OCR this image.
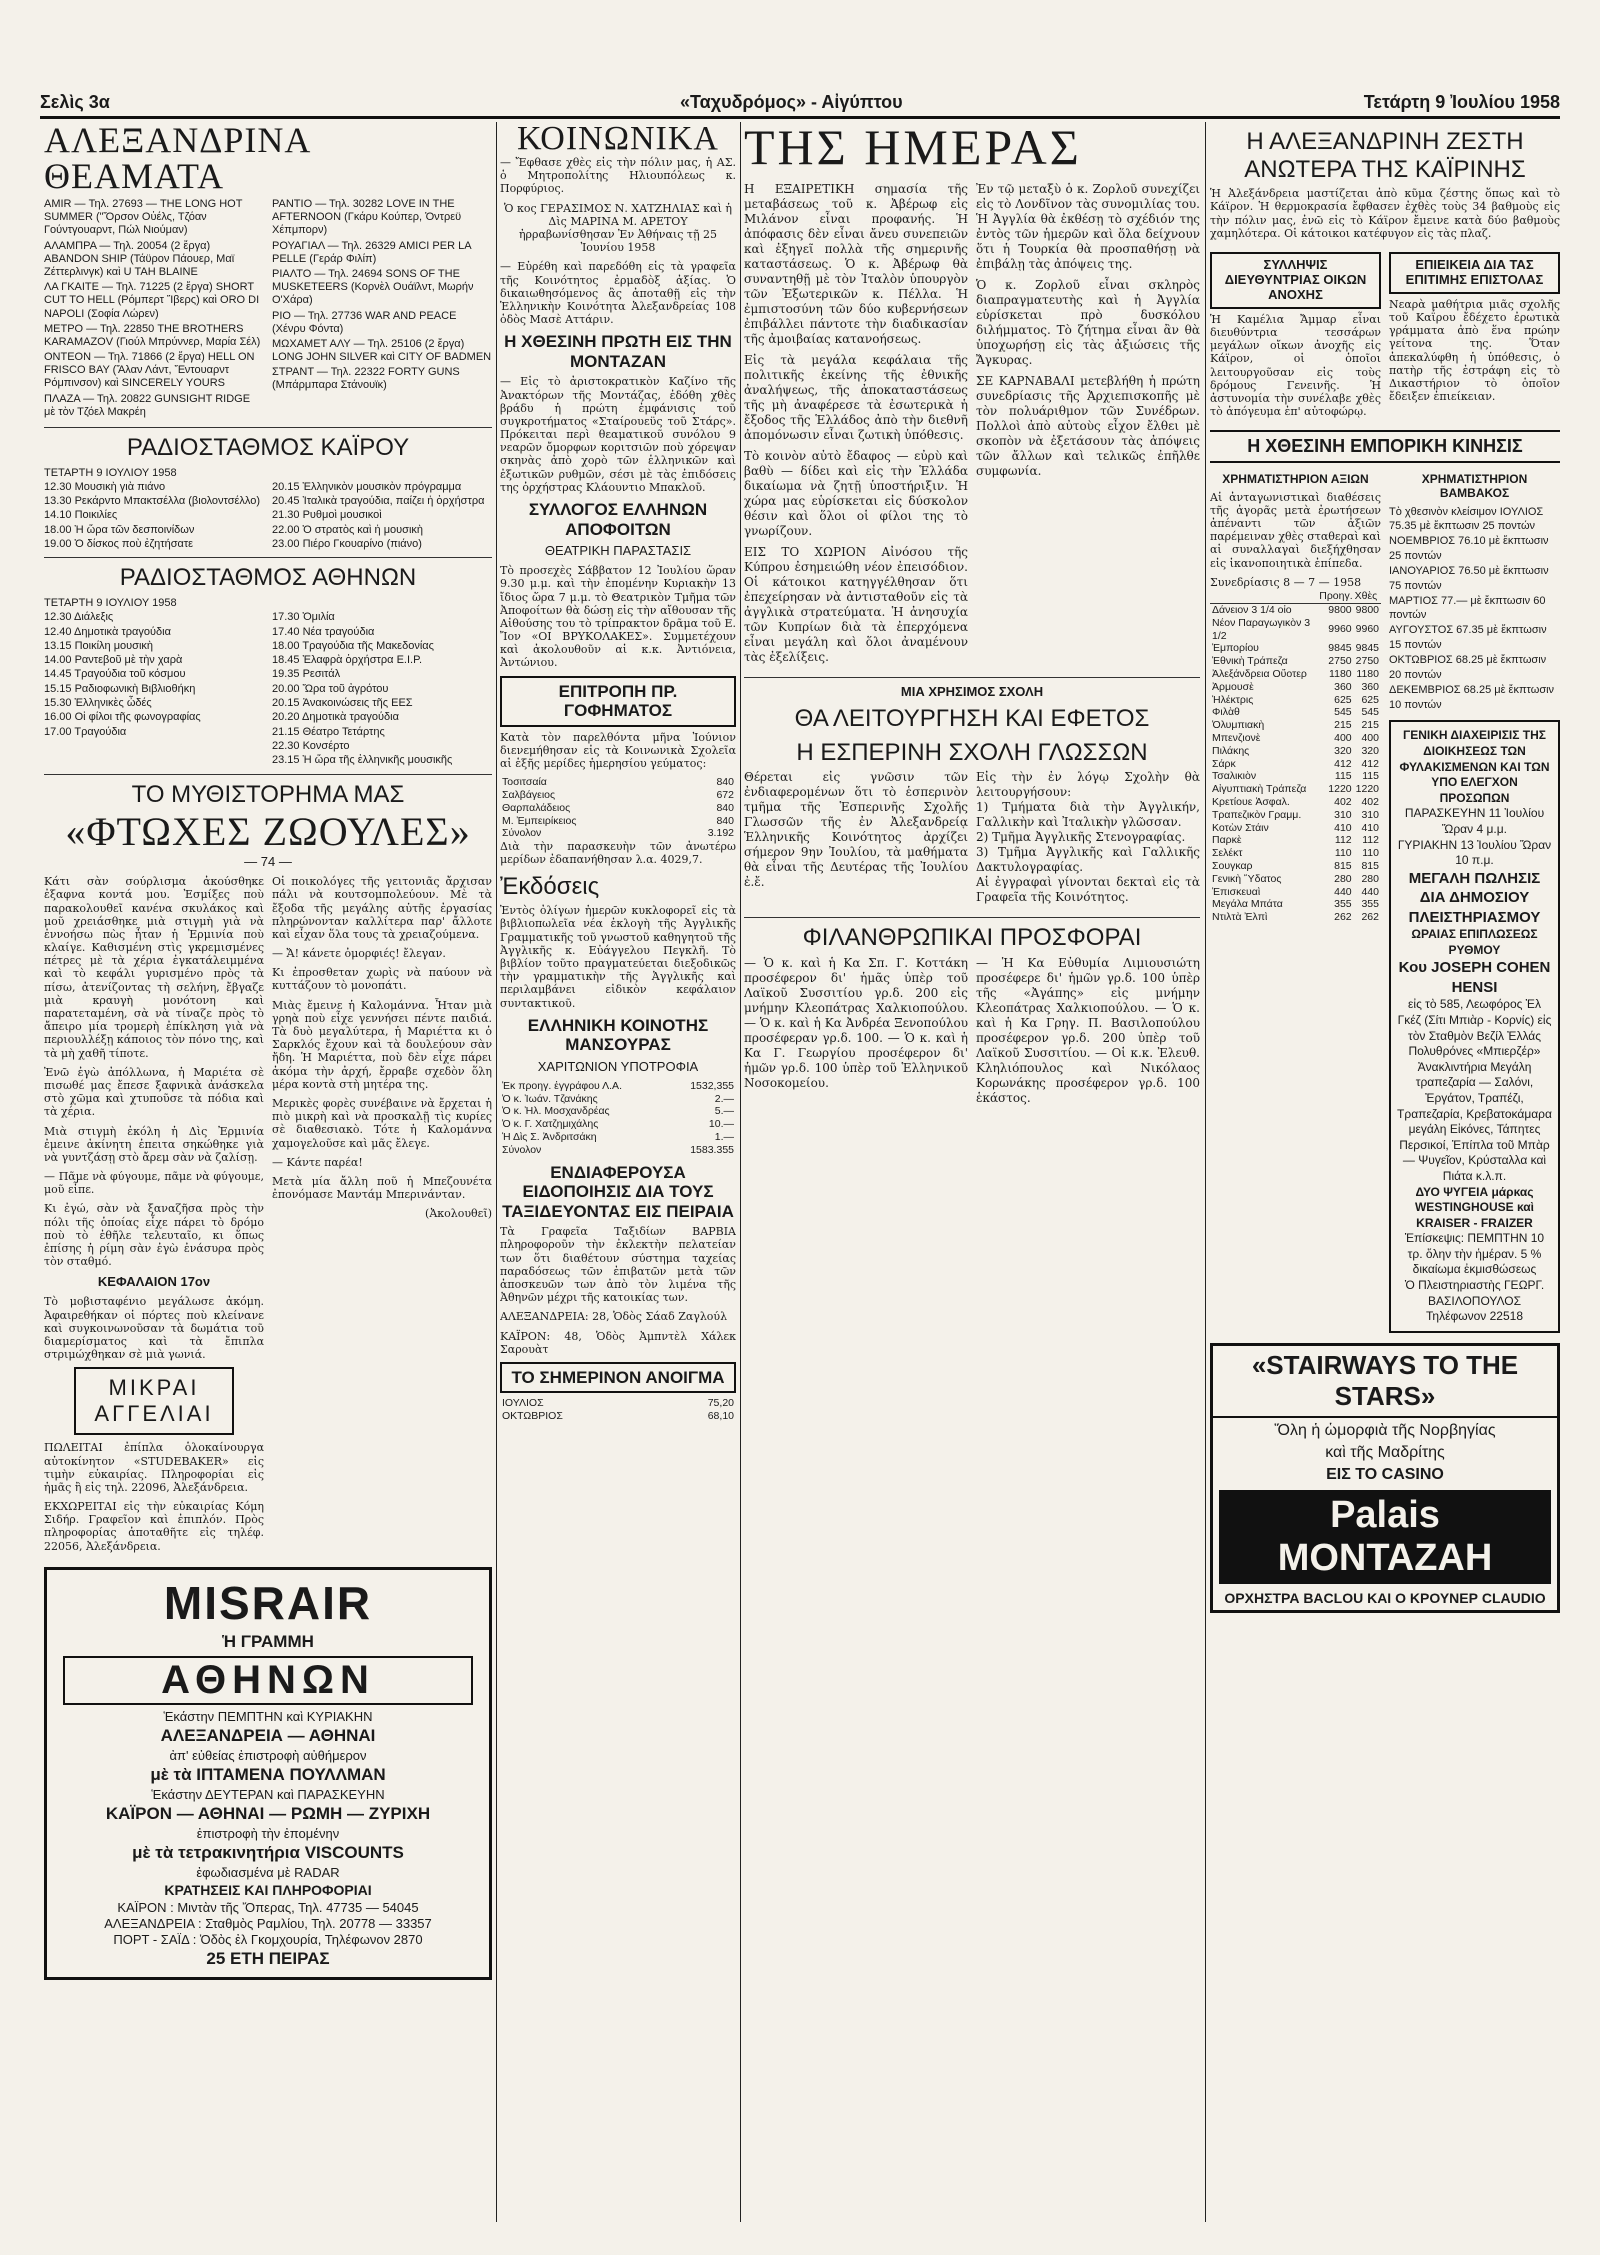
Σελὶς 3α	«Ταχυδρόμος» - Αἰγύπτου	Τετάρτη 9 Ἰουλίου 1958
ΑΛΕΞΑΝΔΡΙΝΑ ΘΕΑΜΑΤΑ

AMIR — Τηλ. 27693 — THE LONG HOT SUMMER ("Ὅρσον Οὐέλς, Τζόαν Γούντγουαρντ, Πώλ Νιούμαν)

ΑΛΑΜΠΡΑ — Τηλ. 20054 (2 ἔργα) ABANDON SHIP (Τάϋρον Πάουερ, Μαϊ Ζέττερλινγκ) καὶ U TAH BLAINE

ΛΑ ΓΚΑΙΤΕ — Τηλ. 71225 (2 ἔργα) SHORT CUT TO HELL (Ρόμπερτ Ἴβερς) καὶ ORO DI NAPOLI (Σοφία Λώρεν)

ΜΕΤΡΟ — Τηλ. 22850 THE BROTHERS KARAMAZOV (Γιούλ Μπρύννερ, Μαρία Σέλ)

ΟΝΤΕΟΝ — Τηλ. 71866 (2 ἔργα) HELL ON FRISCO BAY (Ἄλαν Λάντ, Ἔντουαρντ Ρόμπινσον) καὶ SINCERELY YOURS

ΠΛΑΖΑ — Τηλ. 20822 GUNSIGHT RIDGE μὲ τὸν Τζόελ Μακρέη

ΡΑΝΤΙΟ — Τηλ. 30282 LOVE IN THE AFTERNOON (Γκάρυ Κούπερ, Ὀντρεϋ Χέπμπορν)

ΡΟΥΑΓΙΑΛ — Τηλ. 26329 AMICI PER LA PELLE (Γεράρ Φιλίπ)

ΡΙΑΛΤΟ — Τηλ. 24694 SONS OF THE MUSKETEERS (Κορνὲλ Ουάϊλντ, Μωρήν Ο'Χάρα)

ΡΙΟ — Τηλ. 27736 WAR AND PEACE (Χένρυ Φόντα)

ΜΩΧΑΜΕΤ ΑΛΥ — Τηλ. 25106 (2 ἔργα) LONG JOHN SILVER καὶ CITY OF BADMEN

ΣΤΡΑΝΤ — Τηλ. 22322 FORTY GUNS (Μπάρμπαρα Στάνουϊκ)

ΡΑΔΙΟΣΤΑΘΜΟΣ ΚΑΪΡΟΥ
ΤΕΤΑΡΤΗ 9 ΙΟΥΛΙΟΥ 1958
12.30 Μουσικὴ γιὰ πιάνο
13.30 Ρεκάρντο Μπακτσέλλα (βιολοντσέλλο)
14.10 Ποικιλίες
18.00 Ἡ ὥρα τῶν δεσποινίδων
19.00 Ὁ δίσκος ποὺ ἐζητήσατε
20.15 Ἑλληνικὸν μουσικὸν πρόγραμμα
20.45 Ἰταλικὰ τραγούδια, παίζει ἡ ὀρχήστρα
21.30 Ρυθμοὶ μουσικοὶ
22.00 Ὁ στρατὸς καὶ ἡ μουσικὴ
23.00 Πιέρο Γκουαρίνο (πιάνο)
ΡΑΔΙΟΣΤΑΘΜΟΣ ΑΘΗΝΩΝ
ΤΕΤΑΡΤΗ 9 ΙΟΥΛΙΟΥ 1958
12.30 Διάλεξις
12.40 Δημοτικὰ τραγούδια
13.15 Ποικίλη μουσικὴ
14.00 Ραντεβοῦ μὲ τὴν χαρὰ
14.45 Τραγούδια τοῦ κόσμου
15.15 Ραδιοφωνικὴ Βιβλιοθήκη
15.30 Ἑλληνικὲς ὦδές
16.00 Οἱ φίλοι τῆς φωνογραφίας
17.00 Τραγούδια
17.30 Ὁμιλία
17.40 Νέα τραγούδια
18.00 Τραγούδια τῆς Μακεδονίας
18.45 Ἐλαφρὰ ὀρχήστρα Ε.Ι.Ρ.
19.35 Ρεσιτάλ
20.00 Ὥρα τοῦ ἀγρότου
20.15 Ἀνακοινώσεις τῆς ΕΕΣ
20.20 Δημοτικὰ τραγούδια
21.15 Θέατρο Τετάρτης
22.30 Κονσέρτο
23.15 Ἡ ὥρα τῆς ἑλληνικῆς μουσικῆς
ΤΟ ΜΥΘΙΣΤΟΡΗΜΑ ΜΑΣ
«ΦΤΩΧΕΣ ΖΩΟΥΛΕΣ»
— 74 —

Κάτι σὰν σούρλισμα ἀκούσθηκε ἐξαφνα κοντά μου. Ἐσμίξες ποὺ παρακολουθεῖ κανένα σκυλάκος καὶ μοῦ χρειάσθηκε μιὰ στιγμὴ γιὰ νὰ ἐννοήσω πὼς ἦταν ἡ Ἐρμινία ποὺ κλαίγε. Καθισμένη στὶς γκρεμισμένες πέτρες μὲ τὰ χέρια ἐγκατάλειμμένα καὶ τὸ κεφάλι γυρισμένο πρὸς τὰ πίσω, ἀτενίζοντας τὴ σελήνη, ἔβγαζε μιὰ κραυγὴ μονότονη καὶ παρατεταμένη, σὰ νὰ τίναζε πρὸς τὸ ἄπειρο μία τρομερὴ ἐπίκληση γιὰ νὰ περιουλλέξῃ κάποιος τὸν πόνο της, καὶ τὰ μὴ χαθῆ τίποτε.

Ἐνῶ ἐγὼ ἀπόλλωνα, ἡ Μαριέτα σὲ πισωθέ μας ἔπεσε ξαφνικὰ ἀνάσκελα στὸ χῶμα καὶ χτυποῦσε τὰ πόδια καὶ τὰ χέρια.

Μιὰ στιγμὴ ἐκόλη ἡ Δὶς Ἐρμινία ἐμεινε ἀκίνητη ἐπειτα σηκώθηκε γιὰ νὰ γυντζάσῃ στὸ ἄρεμ σὰν νὰ ζαλίσῃ.

— Πᾶμε νὰ φύγουμε, πᾶμε νὰ φύγουμε, μοῦ εἶπε.

Κι ἐγώ, σὰν νὰ ξαναζῆσα πρὸς τὴν πόλι τῆς ὁποίας εἶχε πάρει τὸ δρόμο ποὺ τὸ ἐθῆλε τελευταῖο, κι ὅπως ἐπίσης ἡ ρίμη σὰν ἐγὼ ἐνάσυρα πρὸς τὸν σταθμό.

ΚΕΦΑΛΑΙΟΝ 17ον

Τὸ μοβισταφένιο μεγάλωσε ἀκόμη. Ἀφαιρεθήκαν οἱ πόρτες ποὺ κλείνανε καὶ συγκοινωνοῦσαν τὰ δωμάτια τοῦ διαμερίσματος καὶ τὰ ἔπιπλα στριμώχθηκαν σὲ μιὰ γωνιά.

ΜΙΚΡΑΙ
ΑΓΓΕΛΙΑΙ

ΠΩΛΕΙΤΑΙ ἐπίπλα ὁλοκαίνουργα αὐτοκίνητον «STUDEBAKER» εἰς τιμὴν εὐκαιρίας. Πληροφορίαι εἰς ἡμᾶς ἢ εἰς τηλ. 22096, Ἀλεξάνδρεια.

ΕΚΧΩΡΕΙΤΑΙ εἰς τὴν εὐκαιρίας Κόμη Σιδήρ. Γραφεῖον καὶ ἐπιπλόν. Πρὸς πληροφορίας ἀποταθῆτε εἰς τηλέφ. 22056, Ἀλεξάνδρεια.

Οἱ ποικολόγες τῆς γειτονιᾶς ἄρχισαν πάλι νὰ κουτσομπολεύουν. Μὲ τὰ ἔξοδα τῆς μεγάλης αὐτῆς ἐργασίας πληρώνονταν καλλίτερα παρ' ἄλλοτε καὶ εἶχαν ὅλα τους τὰ χρειαζούμενα.

— Ἄ! κάνετε ὀμορφιές! ἔλεγαν.

Κι ἐπροσθεταν χωρὶς νὰ παύουν νὰ κυττάζουν τὸ μονοπάτι.

Μιὰς ἔμεινε ἡ Καλομάννα. Ἦταν μιὰ γρηὰ ποὺ εἶχε γεννήσει πέντε παιδιά. Τὰ δυὸ μεγαλύτερα, ἡ Μαριέττα κι ὁ Σαρκλός ἔχουν καὶ τὰ δουλεύουν σὰν ἤδη. Ἡ Μαριέττα, ποὺ δὲν εἶχε πάρει ἀκόμα τὴν ἀρχή, ἔρραβε σχεδὸν ὅλη μέρα κοντὰ στὴ μητέρα της.

Μερικὲς φορὲς συνέβαινε νὰ ἔρχεται ἡ πιὸ μικρὴ καὶ νὰ προσκαλῇ τὶς κυρίες σὲ διαθεσιακὸ. Τότε ἡ Καλομάννα χαμογελοῦσε καὶ μᾶς ἔλεγε.

— Κάντε παρέα!

Μετὰ μία ἄλλη ποῦ ἡ Μπεζουνέτα ἐπονόμασε Μαντάμ Μπερινάνταν.

(Ἀκολουθεῖ)

MISRAIR
Ἡ ΓΡΑΜΜΗ
ΑΘΗΝΩΝ
Ἑκάστην ΠΕΜΠΤΗΝ καὶ ΚΥΡΙΑΚΗΝ
ΑΛΕΞΑΝΔΡΕΙΑ — ΑΘΗΝΑΙ
ἀπ' εὐθείας ἐπιστροφὴ αὐθήμερον
μὲ τὰ ΙΠΤΑΜΕΝΑ ΠΟΥΛΛΜΑΝ
Ἑκάστην ΔΕΥΤΕΡΑΝ καὶ ΠΑΡΑΣΚΕΥΗΝ
ΚΑΪΡΟΝ — ΑΘΗΝΑΙ — ΡΩΜΗ — ΖΥΡΙΧΗ
ἐπιστροφὴ τὴν ἐπομένην
μὲ τὰ τετρακινητήρια VISCOUNTS
ἐφωδιασμένα μὲ RADAR
ΚΡΑΤΗΣΕΙΣ ΚΑΙ ΠΛΗΡΟΦΟΡΙΑΙ
ΚΑΪΡΟΝ : Μιντὰν τῆς Ὄπερας, Τηλ. 47735 — 54045
ΑΛΕΞΑΝΔΡΕΙΑ : Σταθμὸς Ραμλίου, Τηλ. 20778 — 33357
ΠΟΡΤ - ΣΑΪΔ : Ὁδὸς ἐλ Γκομχουρία, Τηλέφωνον 2870
25 ΕΤΗ ΠΕΙΡΑΣ
ΚΟΙΝΩΝΙΚΑ

— Ἔφθασε χθὲς εἰς τὴν πόλιν μας, ἡ ΑΣ. ὁ Μητροπολίτης Ηλιουπόλεως κ. Πορφύριος.

Ὁ κος ΓΕΡΑΣΙΜΟΣ Ν. ΧΑΤΖΗΛΙΑΣ καὶ ἡ Δὶς ΜΑΡΙΝΑ Μ. ΑΡΕΤΟΥ ἠρραβωνίσθησαν Ἐν Ἀθήναις τῇ 25 Ἰουνίου 1958

— Εὑρέθη καὶ παρεδόθη εἰς τὰ γραφεῖα τῆς Κοινότητος ἐρμαδὸξ ἀξίας. Ὁ δικαιωθησόμενος ἂς ἀποταθῇ εἰς τὴν Ἑλληνικὴν Κοινότητα Ἀλεξανδρείας 108 ὁδὸς Μασὲ Αττάριν.

Η ΧΘΕΣΙΝΗ ΠΡΩΤΗ ΕΙΣ ΤΗΝ ΜΟΝΤΑΖΑΝ

— Εἰς τὸ ἀριστοκρατικὸν Καζίνο τῆς Ἀνακτόρων τῆς Μοντάζας, ἐδόθη χθὲς βράδυ ἡ πρώτη ἐμφάνισις τοῦ συγκροτήματος «Σταίρουεϋς τοῦ Στάρς». Πρόκειται περὶ θεαματικοῦ συνόλου 9 νεαρῶν ὄμορφων κοριτσιῶν ποὺ χόρεψαν σκηνὰς ἀπὸ χορὸ τῶν ἑλληνικῶν καὶ ἐξωτικῶν ρυθμῶν, σέσι μὲ τὰς ἐπιδόσεις της ὀρχήστρας Κλάουντιο Μπακλοῦ.

ΣΥΛΛΟΓΟΣ ΕΛΛΗΝΩΝ ΑΠΟΦΟΙΤΩΝ
ΘΕΑΤΡΙΚΗ ΠΑΡΑΣΤΑΣΙΣ

Τὸ προσεχὲς Σάββατον 12 Ἰουλίου ὥραν 9.30 μ.μ. καὶ τὴν ἐπομένην Κυριακὴν 13 ἴδιος ὥρα 7 μ.μ. τὸ Θεατρικὸν Τμῆμα τῶν Ἀποφοίτων θὰ δώσῃ εἰς τὴν αἴθουσαν τῆς Αἰθούσης του τὸ τρίπρακτον δρᾶμα τοῦ Ε. Ἴον «ΟΙ ΒΡΥΚΟΛΑΚΕΣ». Συμμετέχουν καὶ ἀκολουθοῦν αἱ κ.κ. Ἀντιόνεια, Ἀντώνιου.

ΕΠΙΤΡΟΠΗ ΠΡ. ΓΟΦΗΜΑΤΟΣ

Κατὰ τὸν παρελθόντα μῆνα Ἰούνιον διενεμήθησαν εἰς τὰ Κοινωνικὰ Σχολεῖα αἱ ἑξῆς μερίδες ἡμερησίου γεύματος:

Τοσιτσαία	840
Σαλβάγειος	672
Θαρπαλάδειος	840
Μ. Ἐμπειρίκειος	840
Σύνολον	3.192

Διὰ τὴν παρασκευὴν τῶν ἀνωτέρω μερίδων ἐδαπανήθησαν λ.α. 4029,7.

Ἐκδόσεις

Ἐντὸς ὀλίγων ἡμερῶν κυκλοφορεῖ εἰς τὰ βιβλιοπωλεῖα νέα ἐκλογὴ τῆς Ἀγγλικῆς Γραμματικῆς τοῦ γνωστοῦ καθηγητοῦ τῆς Ἀγγλικῆς κ. Εὐάγγελου Πεγκλῆ. Τὸ βιβλίον τοῦτο πραγματεύεται διεξοδικῶς τὴν γραμματικὴν τῆς Ἀγγλικῆς καὶ περιλαμβάνει εἰδικὸν κεφάλαιον συντακτικοῦ.

ΕΛΛΗΝΙΚΗ ΚΟΙΝΟΤΗΣ ΜΑΝΣΟΥΡΑΣ
ΧΑΡΙΤΩΝΙΟΝ ΥΠΟΤΡΟΦΙΑ
Ἐκ προηγ. ἐγγράφου Λ.Α.	1532,355
Ὁ κ. Ἰωάν. Τζανάκης	2.—
Ὁ κ. Ἠλ. Μοσχανδρέας	5.—
Ὁ κ. Γ. Χατζημιχάλης	10.—
Ἡ Δὶς Σ. Ἀνδριτσάκη	1.—
Σύνολον	1583.355
ΕΝΔΙΑΦΕΡΟΥΣΑ ΕΙΔΟΠΟΙΗΣΙΣ ΔΙΑ ΤΟΥΣ ΤΑΞΙΔΕΥΟΝΤΑΣ ΕΙΣ ΠΕΙΡΑΙΑ

Τὰ Γραφεῖα Ταξιδίων ΒΑΡΒΙΑ πληροφοροῦν τὴν ἐκλεκτὴν πελατείαν των ὅτι διαθέτουν σύστημα ταχείας παραδόσεως τῶν ἐπιβατῶν μετὰ τῶν ἀποσκευῶν των ἀπὸ τὸν λιμένα τῆς Ἀθηνῶν μέχρι τῆς κατοικίας των.

ΑΛΕΞΑΝΔΡΕΙΑ: 28, Ὁδὸς Σάαδ Ζαγλούλ

ΚΑΪΡΟΝ: 48, Ὁδὸς Ἀμπντὲλ Χάλεκ Σαρουὰτ

ΤΟ ΣΗΜΕΡΙΝΟΝ ΑΝΟΙΓΜΑ
ΙΟΥΛΙΟΣ	75,20
ΟΚΤΩΒΡΙΟΣ	68,10
ΤΗΣ ΗΜΕΡΑΣ

Η ΕΞΑΙΡΕΤΙΚΗ σημασία τῆς μεταβάσεως τοῦ κ. Ἀβέρωφ εἰς Μιλάνον εἶναι προφανής. Ἡ ἀπόφασις δὲν εἶναι ἄνευ συνεπειῶν καὶ ἐξηγεῖ πολλὰ τῆς σημερινῆς καταστάσεως. Ὁ κ. Ἀβέρωφ θὰ συναντηθῇ μὲ τὸν Ἰταλὸν ὑπουργὸν τῶν Ἐξωτερικῶν κ. Πέλλα. Ἡ ἐμπιστοσύνη τῶν δύο κυβερνήσεων ἐπιβάλλει πάντοτε τὴν διαδικασίαν τῆς ἀμοιβαίας κατανοήσεως.

Εἰς τὰ μεγάλα κεφάλαια τῆς πολιτικῆς ἐκείνης τῆς ἐθνικῆς ἀναλήψεως, τῆς ἀποκαταστάσεως τῆς μὴ ἀναφέρεσε τὰ ἐσωτερικὰ ἡ ἔξοδος τῆς Ἑλλάδος ἀπὸ τὴν διεθνῆ ἀπομόνωσιν εἶναι ζωτικὴ ὑπόθεσις.

Τὸ κοινὸν αὐτὸ ἔδαφος — εὐρὺ καὶ βαθὺ — δίδει καὶ εἰς τὴν Ἑλλάδα δικαίωμα νὰ ζητῇ ὑποστήριξιν. Ἡ χώρα μας εὑρίσκεται εἰς δύσκολον θέσιν καὶ ὅλοι οἱ φίλοι της τὸ γνωρίζουν.

ΕΙΣ ΤΟ ΧΩΡΙΟΝ Αἰνόσου τῆς Κύπρου ἐσημειώθη νέον ἐπεισόδιον. Οἱ κάτοικοι κατηγγέλθησαν ὅτι ἐπεχείρησαν νὰ ἀντισταθοῦν εἰς τὰ ἀγγλικὰ στρατεύματα. Ἡ ἀνησυχία τῶν Κυπρίων διὰ τὰ ἐπερχόμενα εἶναι μεγάλη καὶ ὅλοι ἀναμένουν τὰς ἐξελίξεις.

Ἐν τῷ μεταξὺ ὁ κ. Ζορλοῦ συνεχίζει εἰς τὸ Λονδῖνον τὰς συνομιλίας του. Ἡ Ἀγγλία θὰ ἐκθέσῃ τὸ σχέδιόν της ἐντὸς τῶν ἡμερῶν καὶ ὅλα δείχνουν ὅτι ἡ Τουρκία θὰ προσπαθήσῃ νὰ ἐπιβάλῃ τὰς ἀπόψεις της.

Ὁ κ. Ζορλοῦ εἶναι σκληρὸς διαπραγματευτὴς καὶ ἡ Ἀγγλία εὑρίσκεται πρὸ δυσκόλου διλήμματος. Τὸ ζήτημα εἶναι ἂν θὰ ὑποχωρήσῃ εἰς τὰς ἀξιώσεις τῆς Ἄγκυρας.

ΣΕ ΚΑΡΝΑΒΑΛΙ μετεβλήθη ἡ πρώτη συνεδρίασις τῆς Ἀρχιεπισκοπῆς μὲ τὸν πολυάριθμον τῶν Συνέδρων. Πολλοὶ ἀπὸ αὐτοὺς εἶχον ἔλθει μὲ σκοπὸν νὰ ἐξετάσουν τὰς ἀπόψεις τῶν ἄλλων καὶ τελικῶς ἐπῆλθε συμφωνία.

ΜΙΑ ΧΡΗΣΙΜΟΣ ΣΧΟΛΗ
ΘΑ ΛΕΙΤΟΥΡΓΗΣΗ ΚΑΙ ΕΦΕΤΟΣ
Η ΕΣΠΕΡΙΝΗ ΣΧΟΛΗ ΓΛΩΣΣΩΝ

Θέρεται εἰς γνῶσιν τῶν ἐνδιαφερομένων ὅτι τὸ ἑσπερινὸν τμῆμα τῆς Ἑσπερινῆς Σχολῆς Γλωσσῶν τῆς ἐν Ἀλεξανδρείᾳ Ἑλληνικῆς Κοινότητος ἀρχίζει σήμερον 9ην Ἰουλίου, τὰ μαθήματα θὰ εἶναι τῆς Δευτέρας τῆς Ἰουλίου ἐ.ἔ.

Εἰς τὴν ἐν λόγῳ Σχολὴν θὰ λειτουργήσουν:
1) Τμήματα διὰ τὴν Ἀγγλικήν, Γαλλικὴν καὶ Ἰταλικὴν γλῶσσαν.
2) Τμῆμα Ἀγγλικῆς Στενογραφίας.
3) Τμῆμα Ἀγγλικῆς καὶ Γαλλικῆς Δακτυλογραφίας.
Αἱ ἐγγραφαὶ γίνονται δεκταὶ εἰς τὰ Γραφεῖα τῆς Κοινότητος.

ΦΙΛΑΝΘΡΩΠΙΚΑΙ ΠΡΟΣΦΟΡΑΙ

— Ὁ κ. καὶ ἡ Κα Σπ. Γ. Κοττάκη προσέφερον δι' ἡμᾶς ὑπὲρ τοῦ Λαϊκοῦ Συσσιτίου γρ.δ. 200 εἰς μνήμην Κλεοπάτρας Χαλκιοπούλου. — Ὁ κ. καὶ ἡ Κα Ἀνδρέα Ξενοπούλου προσέφεραν γρ.δ. 100. — Ὁ κ. καὶ ἡ Κα Γ. Γεωργίου προσέφερον δι' ἡμῶν γρ.δ. 100 ὑπὲρ τοῦ Ἑλληνικοῦ Νοσοκομείου.

— Ἡ Κα Εὐθυμία Λιμιουσιώτη προσέφερε δι' ἡμῶν γρ.δ. 100 ὑπὲρ τῆς «Ἀγάπης» εἰς μνήμην Κλεοπάτρας Χαλκιοπούλου. — Ὁ κ. καὶ ἡ Κα Γρηγ. Π. Βασιλοπούλου προσέφερον γρ.δ. 200 ὑπὲρ τοῦ Λαϊκοῦ Συσσιτίου. — Οἱ κ.κ. Ἐλευθ. Κληλιόπουλος καὶ Νικόλαος Κορωνάκης προσέφερον γρ.δ. 100 ἑκάστος.

Η ΑΛΕΞΑΝΔΡΙΝΗ ΖΕΣΤΗ ΑΝΩΤΕΡΑ ΤΗΣ ΚΑΪΡΙΝΗΣ

Ἡ Ἀλεξάνδρεια μαστίζεται ἀπὸ κῦμα ζέστης ὅπως καὶ τὸ Κάϊρον. Ἡ θερμοκρασία ἔφθασεν ἐχθὲς τοὺς 34 βαθμοὺς εἰς τὴν πόλιν μας, ἐνῶ εἰς τὸ Κάϊρον ἔμεινε κατὰ δύο βαθμοὺς χαμηλότερα. Οἱ κάτοικοι κατέφυγον εἰς τὰς πλαζ.

ΣΥΛΛΗΨΙΣ ΔΙΕΥΘΥΝΤΡΙΑΣ ΟΙΚΩΝ ΑΝΟΧΗΣ

Ἡ Καμέλια Ἄμμαρ εἶναι διευθύντρια τεσσάρων μεγάλων οἴκων ἀνοχῆς εἰς Κάϊρον, οἱ ὁποῖοι λειτουργοῦσαν εἰς τοὺς δρόμους Γενεινῆς. Ἡ ἀστυνομία τὴν συνέλαβε χθὲς τὸ ἀπόγευμα ἐπ' αὐτοφώρῳ.

ΕΠΙΕΙΚΕΙΑ ΔΙΑ ΤΑΣ ΕΠΙΤΙΜΗΣ ΕΠΙΣΤΟΛΑΣ

Νεαρὰ μαθήτρια μιᾶς σχολῆς τοῦ Καΐρου ἔδέχετο ἐρωτικὰ γράμματα ἀπὸ ἕνα πρώην γείτονα της. Ὅταν ἀπεκαλύφθη ἡ ὑπόθεσις, ὁ πατὴρ τῆς ἐστράφη εἰς τὸ Δικαστήριον τὸ ὁποῖον ἔδειξεν ἐπιείκειαν.

Η ΧΘΕΣΙΝΗ ΕΜΠΟΡΙΚΗ ΚΙΝΗΣΙΣ
ΧΡΗΜΑΤΙΣΤΗΡΙΟΝ ΑΞΙΩΝ

Αἱ ἀνταγωνιστικαὶ διαθέσεις τῆς ἀγορᾶς μετὰ ἐρωτήσεων ἀπέναντι τῶν ἀξιῶν παρέμειναν χθὲς σταθεραὶ καὶ αἱ συναλλαγαὶ διεξήχθησαν εἰς ἱκανοποιητικὰ ἐπίπεδα.

Συνεδρίασις 8 — 7 — 1958
	Προηγ.	Χθὲς
Δάνειον 3 1/4 οἰο	9800	9800
Νέον Παραγωγικὸν 3 1/2	9960	9960
Ἐμπορίου	9845	9845
Ἐθνικὴ Τράπεζα	2750	2750
Ἀλεξάνδρεια Οὔοτερ	1180	1180
Ἀρμουσὲ	360	360
Ἠλέκτρις	625	625
Φιλὰθ	545	545
Ὀλυμπιακὴ	215	215
Μπενζιονὲ	400	400
Πιλάκης	320	320
Σάρκ	412	412
Τσαλικιὸν	115	115
Αἰγυπτιακὴ Τράπεζα	1220	1220
Κρετίουε Ἀσφαλ.	402	402
Τραπεζικὸν Γραμμ.	310	310
Κοτὼν Στάιν	410	410
Παρκὲ	112	112
Σελέκτ	110	110
Σουγκαρ	815	815
Γενικὴ Ὕδατος	280	280
Ἐπισκευαὶ	440	440
Μεγάλα Μπάτα	355	355
Ντιλτὰ Ἐλπὶ	262	262
ΧΡΗΜΑΤΙΣΤΗΡΙΟΝ ΒΑΜΒΑΚΟΣ
Τὸ χθεσινὸν κλείσιμον ΙΟΥΛΙΟΣ 75.35 μὲ ἔκπτωσιν 25 ποντών
ΝΟΕΜΒΡΙΟΣ 76.10 μὲ ἔκπτωσιν 25 ποντών
ΙΑΝΟΥΑΡΙΟΣ 76.50 μὲ ἔκπτωσιν 75 ποντών
ΜΑΡΤΙΟΣ 77.— μὲ ἔκπτωσιν 60 ποντών
ΑΥΓΟΥΣΤΟΣ 67.35 μὲ ἔκπτωσιν 15 ποντών
ΟΚΤΩΒΡΙΟΣ 68.25 μὲ ἔκπτωσιν 20 ποντών
ΔΕΚΕΜΒΡΙΟΣ 68.25 μὲ ἔκπτωσιν 10 ποντών
ΓΕΝΙΚΗ ΔΙΑΧΕΙΡΙΣΙΣ ΤΗΣ ΔΙΟΙΚΗΣΕΩΣ ΤΩΝ ΦΥΛΑΚΙΣΜΕΝΩΝ ΚΑΙ ΤΩΝ ΥΠΟ ΕΛΕΓΧΟΝ ΠΡΟΣΩΠΩΝ
ΠΑΡΑΣΚΕΥΗΝ 11 Ἰουλίου Ὥραν 4 μ.μ.
ΓΥΡΙΑΚΗΝ 13 Ἰουλίου Ὥραν 10 π.μ.
ΜΕΓΑΛΗ ΠΩΛΗΣΙΣ ΔΙΑ ΔΗΜΟΣΙΟΥ ΠΛΕΙΣΤΗΡΙΑΣΜΟΥ
ΩΡΑΙΑΣ ΕΠΙΠΛΩΣΕΩΣ ΡΥΘΜΟΥ
Κου JOSEPH COHEN HENSI
εἰς τὸ 585, Λεωφόρος Ἑλ Γκέζ (Σίτι Μπιὰρ - Κορνίς) εἰς τὸν Σταθμὸν Βεζίλ Ἐλλάς
Πολυθρόνες «Μπιερζέρ» Ἀνακλιντήρια Μεγάλη τραπεζαρία — Σαλόνι, Ἐργάτον, Τραπέζι, Τραπεζαρία, Κρεβατοκάμαρα μεγάλη Εἰκόνες, Τάπητες Περσικοί, Ἐπίπλα τοῦ Μπὰρ — Ψυγεῖον, Κρύσταλλα καὶ Πιάτα κ.λ.π.
ΔΥΟ ΨΥΓΕΙΑ μάρκας WESTINGHOUSE καὶ KRAISER - FRAIZER
Ἐπίσκεψις: ΠΕΜΠΤΗΝ 10 τρ. ὅλην τὴν ἡμέραν. 5 % δικαίωμα ἐκμισθώσεως
Ὁ Πλειστηριαστὴς ΓΕΩΡΓ. ΒΑΣΙΛΟΠΟΥΛΟΣ Τηλέφωνον 22518
«STAIRWAYS TO THE STARS»
Ὅλη ἡ ὡμορφιὰ τῆς Νορβηγίας
καὶ τῆς Μαδρίτης
ΕΙΣ ΤΟ CASINO
Palais ΜΟΝΤΑΖΑΗ
ΟΡΧΗΣΤΡΑ BACLOU ΚΑΙ Ο ΚΡΟΥΝΕΡ CLAUDIO
